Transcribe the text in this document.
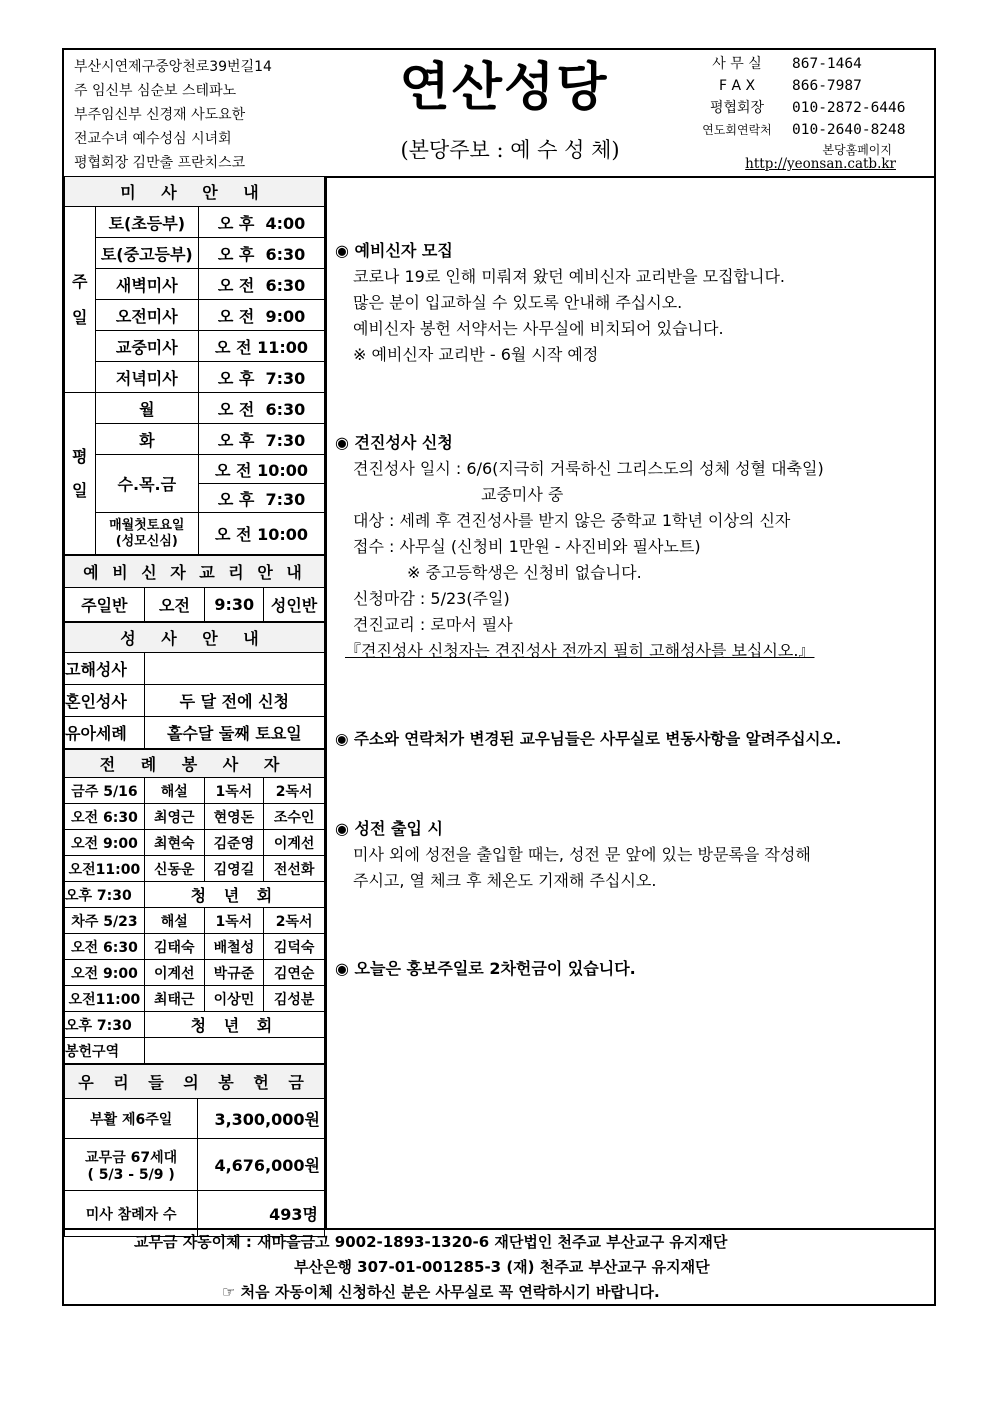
부산시연제구중앙천로39번길14
주 임신부 심순보 스테파노
부주임신부 신경재 사도요한
전교수녀 예수성심 시녀회
평협회장 김만출 프란치스코
연산성당
(본당주보 : 예 수 성 체)
사 무 실	867-1464
F A X	866-7987
평협회장	010-2872-6446
연도회연락처	010-2640-8248
본당홈페이지
http://yeonsan.catb.kr
미 사 안 내		
주일	토(초등부)	오 후 4:00
	토(중고등부)	오 후 6:30
	새벽미사	오 전 6:30
	오전미사	오 전 9:00
	교중미사	오 전 11:00
	저녁미사	오 후 7:30
평일	월	오 전 6:30
	화	오 후 7:30
	수.목.금	오 전 10:00
		오 후 7:30

	매월첫토요일
(성모신심)	오 전 10:00
예 비 신 자 교 리 안 내
주일반	오전	9:30	성인반
성 사 안 내	
고해성사	
혼인성사	두 달 전에 신청
유아세례	홀수달 둘째 토요일
전 례 봉 사 자			
금주 5/16	해설	1독서	2독서
오전 6:30	최영근	현영돈	조수인
오전 9:00	최현숙	김준영	이계선
오전11:00	신동운	김영길	전선화
오후 7:30	청 년 회		
차주 5/23	해설	1독서	2독서
오전 6:30	김태숙	배철성	김덕숙
오전 9:00	이계선	박규준	김연순
오전11:00	최태근	이상민	김성분
오후 7:30	청 년 회		
봉헌구역			
우 리 들 의 봉 헌 금	
부활 제6주일	3,300,000원

교무금 67세대
( 5/3 - 5/9 )	4,676,000원
미사 참례자 수	493명
◉ 예비신자 모집
코로나 19로 인해 미뤄져 왔던 예비신자 교리반을 모집합니다.
많은 분이 입교하실 수 있도록 안내해 주십시오.
예비신자 봉헌 서약서는 사무실에 비치되어 있습니다.
※ 예비신자 교리반 - 6월 시작 예정
◉ 견진성사 신청
견진성사 일시 : 6/6(지극히 거룩하신 그리스도의 성체 성혈 대축일)
교중미사 중
대상 : 세례 후 견진성사를 받지 않은 중학교 1학년 이상의 신자
접수 : 사무실 (신청비 1만원 - 사진비와 필사노트)
※ 중고등학생은 신청비 없습니다.
신청마감 : 5/23(주일)
견진교리 : 로마서 필사
『견진성사 신청자는 견진성사 전까지 필히 고해성사를 보십시오.』
◉ 주소와 연락처가 변경된 교우님들은 사무실로 변동사항을 알려주십시오.
◉ 성전 출입 시
미사 외에 성전을 출입할 때는, 성전 문 앞에 있는 방문록을 작성해
주시고, 열 체크 후 체온도 기재해 주십시오.
◉ 오늘은 홍보주일로 2차헌금이 있습니다.
교무금 자동이체 : 새마을금고 9002-1893-1320-6 재단법인 천주교 부산교구 유지재단
부산은행 307-01-001285-3 (재) 천주교 부산교구 유지재단
☞ 처음 자동이체 신청하신 분은 사무실로 꼭 연락하시기 바랍니다.
